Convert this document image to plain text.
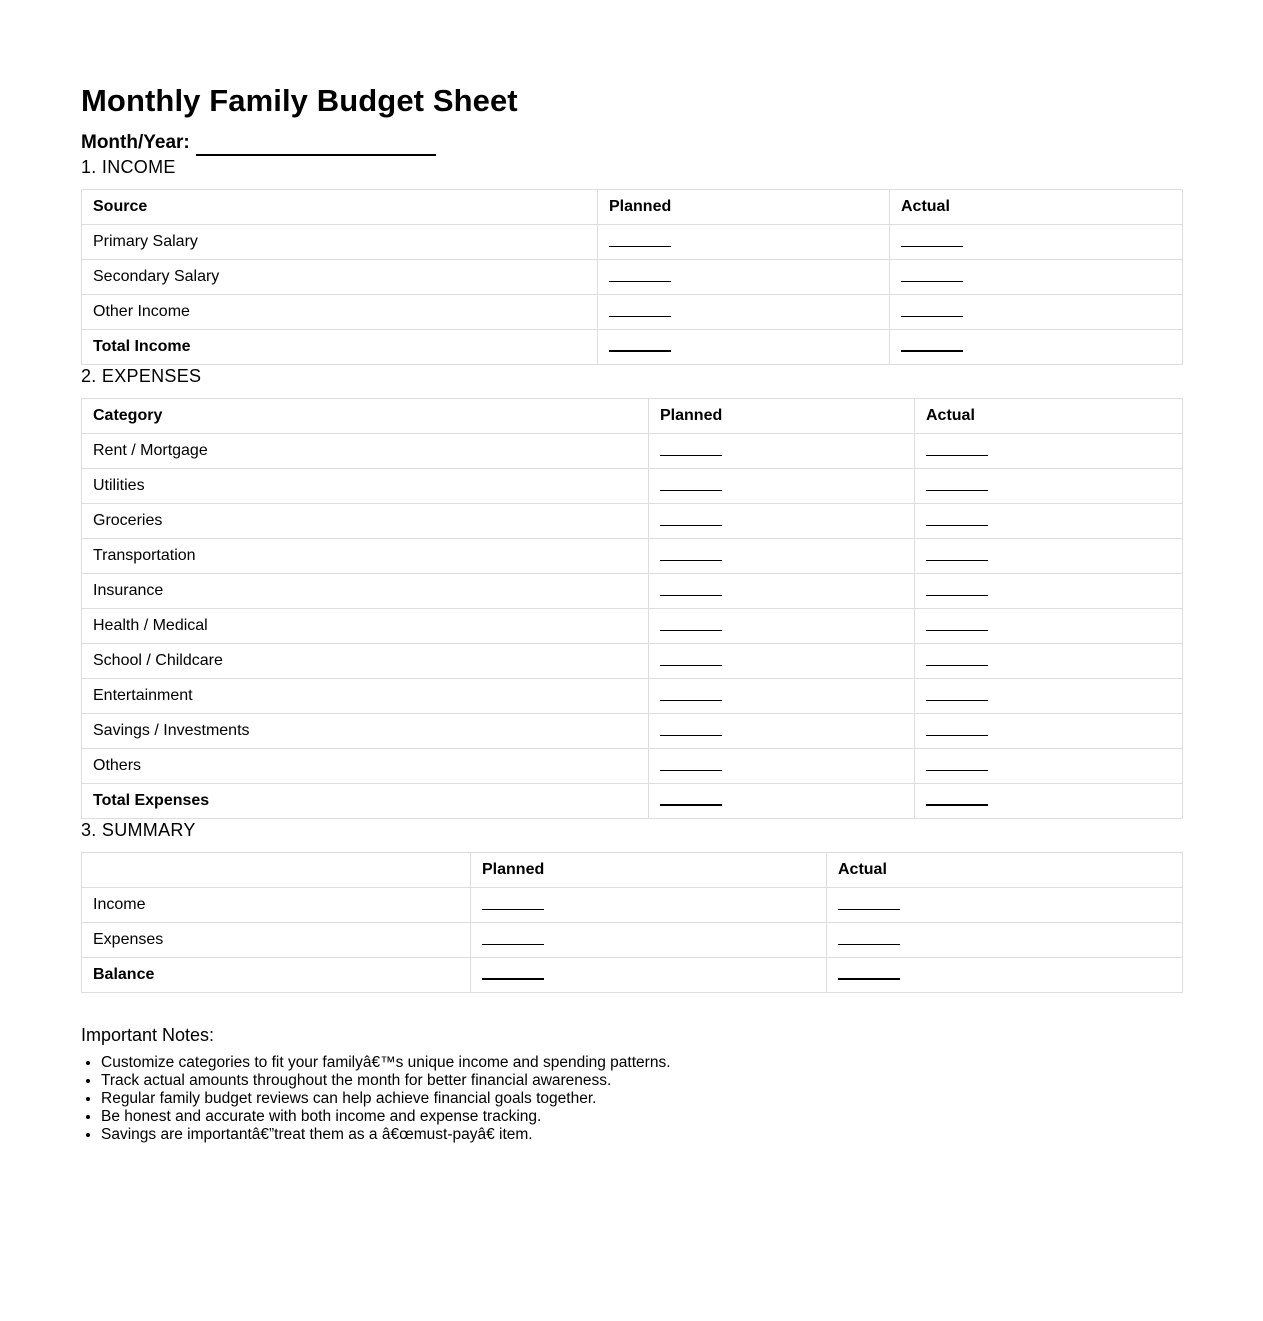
Monthly Family Budget Sheet
Month/Year:
1. INCOME
Source	Planned	Actual
Primary Salary		
Secondary Salary		
Other Income		
Total Income		
2. EXPENSES
Category	Planned	Actual
Rent / Mortgage		
Utilities		
Groceries		
Transportation		
Insurance		
Health / Medical		
School / Childcare		
Entertainment		
Savings / Investments		
Others		
Total Expenses		
3. SUMMARY
	Planned	Actual
Income		
Expenses		
Balance		
Important Notes:
• Customize categories to fit your familyâ€™s unique income and spending patterns.
• Track actual amounts throughout the month for better financial awareness.
• Regular family budget reviews can help achieve financial goals together.
• Be honest and accurate with both income and expense tracking.
• Savings are importantâ€”treat them as a â€œmust-payâ€ item.
